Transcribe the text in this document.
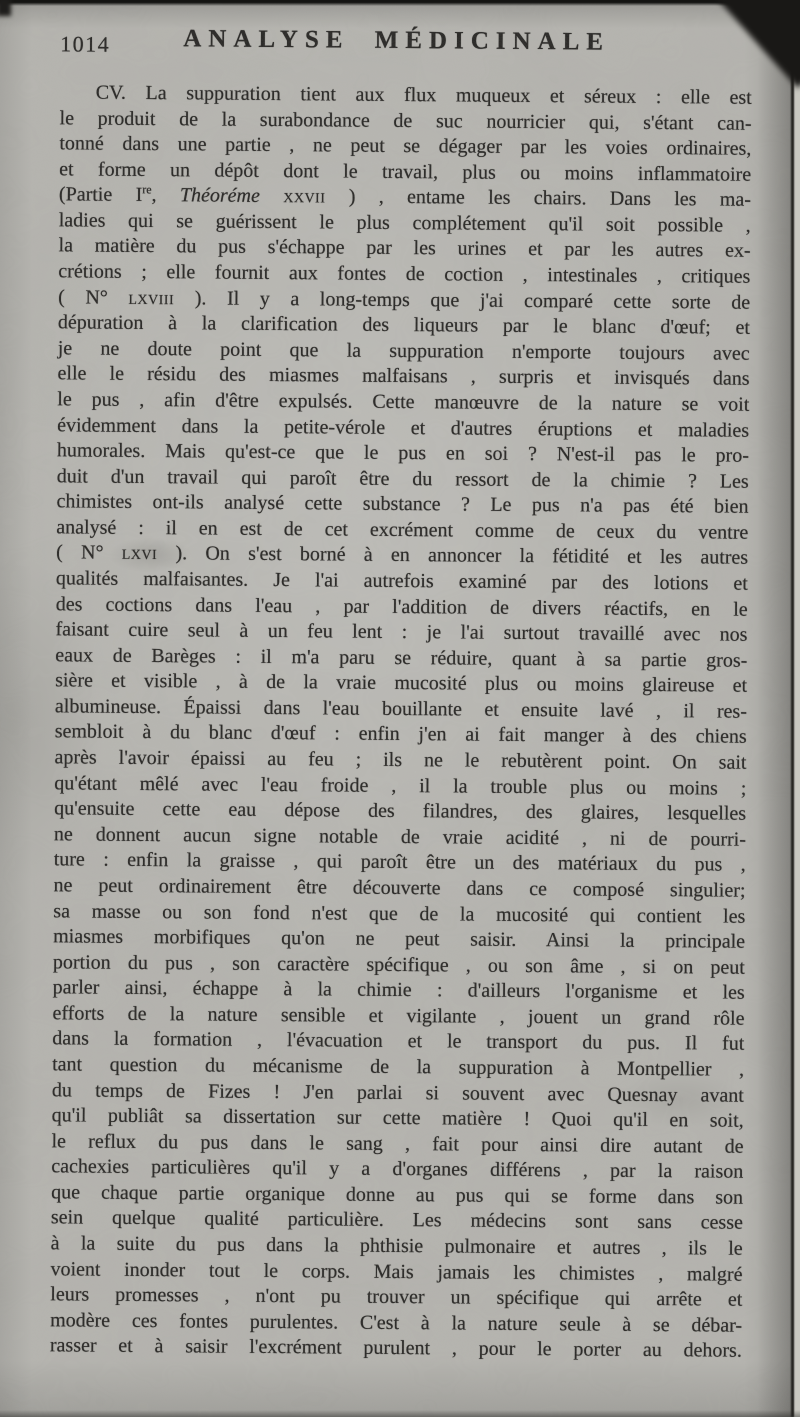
1014	ANALYSE MÉDICINALE
CV. La suppuration tient aux flux muqueux et séreux : elle est
le produit de la surabondance de suc nourricier qui, s'étant can-
tonné dans une partie , ne peut se dégager par les voies ordinaires,
et forme un dépôt dont le travail, plus ou moins inflammatoire
(Partie Ire, Théoréme xxvii ) , entame les chairs. Dans les ma-
ladies qui se guérissent le plus complétement qu'il soit possible ,
la matière du pus s'échappe par les urines et par les autres ex-
crétions ; elle fournit aux fontes de coction , intestinales , critiques
( N° lxviii ). Il y a long-temps que j'ai comparé cette sorte de
dépuration à la clarification des liqueurs par le blanc d'œuf; et
je ne doute point que la suppuration n'emporte toujours avec
elle le résidu des miasmes malfaisans , surpris et invisqués dans
le pus , afin d'être expulsés. Cette manœuvre de la nature se voit
évidemment dans la petite-vérole et d'autres éruptions et maladies
humorales. Mais qu'est-ce que le pus en soi ? N'est-il pas le pro-
duit d'un travail qui paroît être du ressort de la chimie ? Les
chimistes ont-ils analysé cette substance ? Le pus n'a pas été bien
analysé : il en est de cet excrément comme de ceux du ventre
( N° lxvi ). On s'est borné à en annoncer la fétidité et les autres
qualités malfaisantes. Je l'ai autrefois examiné par des lotions et
des coctions dans l'eau , par l'addition de divers réactifs, en le
faisant cuire seul à un feu lent : je l'ai surtout travaillé avec nos
eaux de Barèges : il m'a paru se réduire, quant à sa partie gros-
sière et visible , à de la vraie mucosité plus ou moins glaireuse et
albumineuse. Épaissi dans l'eau bouillante et ensuite lavé , il res-
sembloit à du blanc d'œuf : enfin j'en ai fait manger à des chiens
après l'avoir épaissi au feu ; ils ne le rebutèrent point. On sait
qu'étant mêlé avec l'eau froide , il la trouble plus ou moins ;
qu'ensuite cette eau dépose des filandres, des glaires, lesquelles
ne donnent aucun signe notable de vraie acidité , ni de pourri-
ture : enfin la graisse , qui paroît être un des matériaux du pus ,
ne peut ordinairement être découverte dans ce composé singulier;
sa masse ou son fond n'est que de la mucosité qui contient les
miasmes morbifiques qu'on ne peut saisir. Ainsi la principale
portion du pus , son caractère spécifique , ou son âme , si on peut
parler ainsi, échappe à la chimie : d'ailleurs l'organisme et les
efforts de la nature sensible et vigilante , jouent un grand rôle
dans la formation , l'évacuation et le transport du pus. Il fut
tant question du mécanisme de la suppuration à Montpellier ,
du temps de Fizes ! J'en parlai si souvent avec Quesnay avant
qu'il publiât sa dissertation sur cette matière ! Quoi qu'il en soit,
le reflux du pus dans le sang , fait pour ainsi dire autant de
cachexies particulières qu'il y a d'organes différens , par la raison
que chaque partie organique donne au pus qui se forme dans son
sein quelque qualité particulière. Les médecins sont sans cesse
à la suite du pus dans la phthisie pulmonaire et autres , ils le
voient inonder tout le corps. Mais jamais les chimistes , malgré
leurs promesses , n'ont pu trouver un spécifique qui arrête et
modère ces fontes purulentes. C'est à la nature seule à se débar-
rasser et à saisir l'excrément purulent , pour le porter au dehors.
